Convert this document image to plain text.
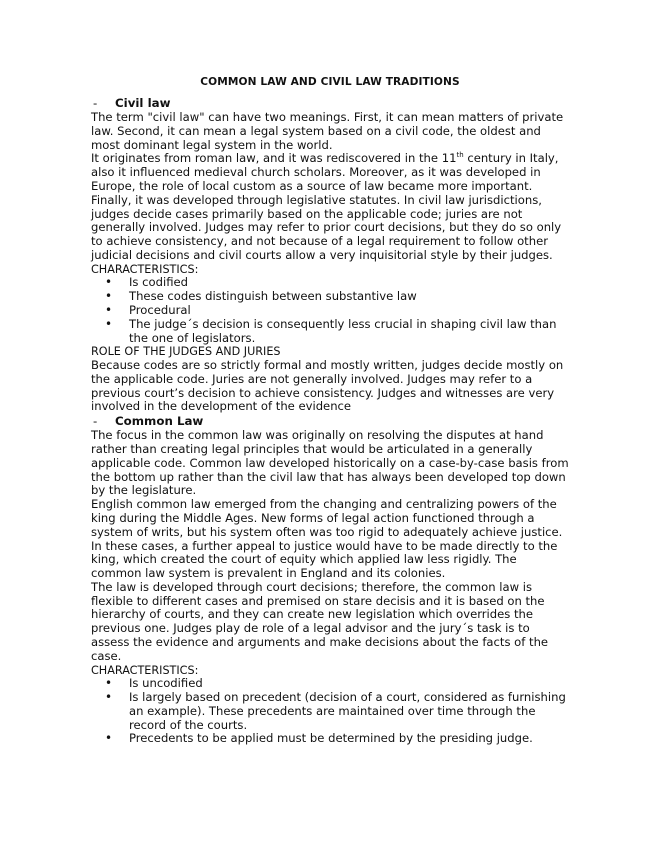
COMMON LAW AND CIVIL LAW TRADITIONS
-	Civil law

The term "civil law" can have two meanings. First, it can mean matters of private law. Second, it can mean a legal system based on a civil code, the oldest and most dominant legal system in the world.

It originates from roman law, and it was rediscovered in the 11th century in Italy, also it influenced medieval church scholars. Moreover, as it was developed in Europe, the role of local custom as a source of law became more important. Finally, it was developed through legislative statutes. In civil law jurisdictions, judges decide cases primarily based on the applicable code; juries are not generally involved. Judges may refer to prior court decisions, but they do so only to achieve consistency, and not because of a legal requirement to follow other judicial decisions and civil courts allow a very inquisitorial style by their judges.

CHARACTERISTICS:

• Is codified
• These codes distinguish between substantive law
• Procedural
• The judge´s decision is consequently less crucial in shaping civil law than the one of legislators.

ROLE OF THE JUDGES AND JURIES

Because codes are so strictly formal and mostly written, judges decide mostly on the applicable code. Juries are not generally involved. Judges may refer to a previous court’s decision to achieve consistency. Judges and witnesses are very involved in the development of the evidence

-	Common Law

The focus in the common law was originally on resolving the disputes at hand rather than creating legal principles that would be articulated in a generally applicable code. Common law developed historically on a case-by-case basis from the bottom up rather than the civil law that has always been developed top down by the legislature.

English common law emerged from the changing and centralizing powers of the king during the Middle Ages. New forms of legal action functioned through a system of writs, but his system often was too rigid to adequately achieve justice. In these cases, a further appeal to justice would have to be made directly to the king, which created the court of equity which applied law less rigidly. The common law system is prevalent in England and its colonies.

The law is developed through court decisions; therefore, the common law is flexible to different cases and premised on stare decisis and it is based on the hierarchy of courts, and they can create new legislation which overrides the previous one. Judges play de role of a legal advisor and the jury´s task is to assess the evidence and arguments and make decisions about the facts of the case.

CHARACTERISTICS:

• Is uncodified
• Is largely based on precedent (decision of a court, considered as furnishing an example). These precedents are maintained over time through the record of the courts.
• Precedents to be applied must be determined by the presiding judge.
